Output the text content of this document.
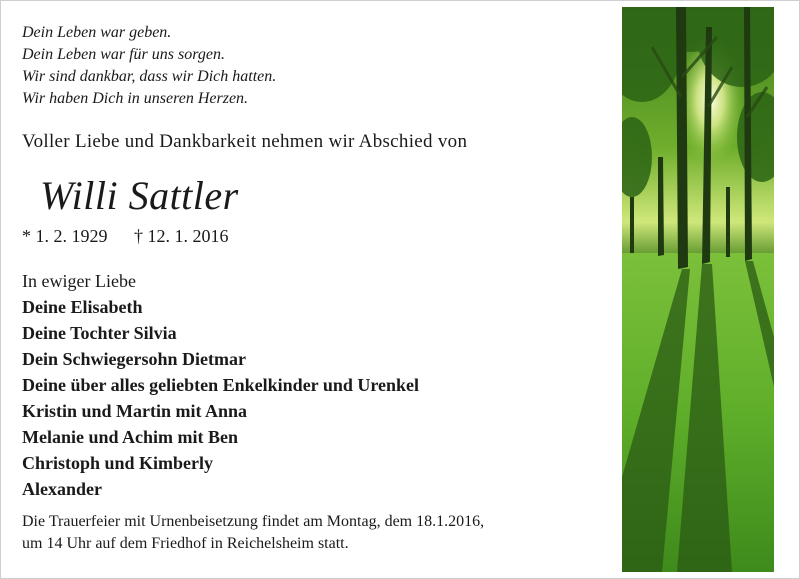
Dein Leben war geben.
Dein Leben war für uns sorgen.
Wir sind dankbar, dass wir Dich hatten.
Wir haben Dich in unseren Herzen.
Voller Liebe und Dankbarkeit nehmen wir Abschied von
Willi Sattler
* 1. 2. 1929 † 12. 1. 2016
In ewiger Liebe
Deine Elisabeth
Deine Tochter Silvia
Dein Schwiegersohn Dietmar
Deine über alles geliebten Enkelkinder und Urenkel
Kristin und Martin mit Anna
Melanie und Achim mit Ben
Christoph und Kimberly
Alexander
Die Trauerfeier mit Urnenbeisetzung findet am Montag, dem 18.1.2016,
um 14 Uhr auf dem Friedhof in Reichelsheim statt.
